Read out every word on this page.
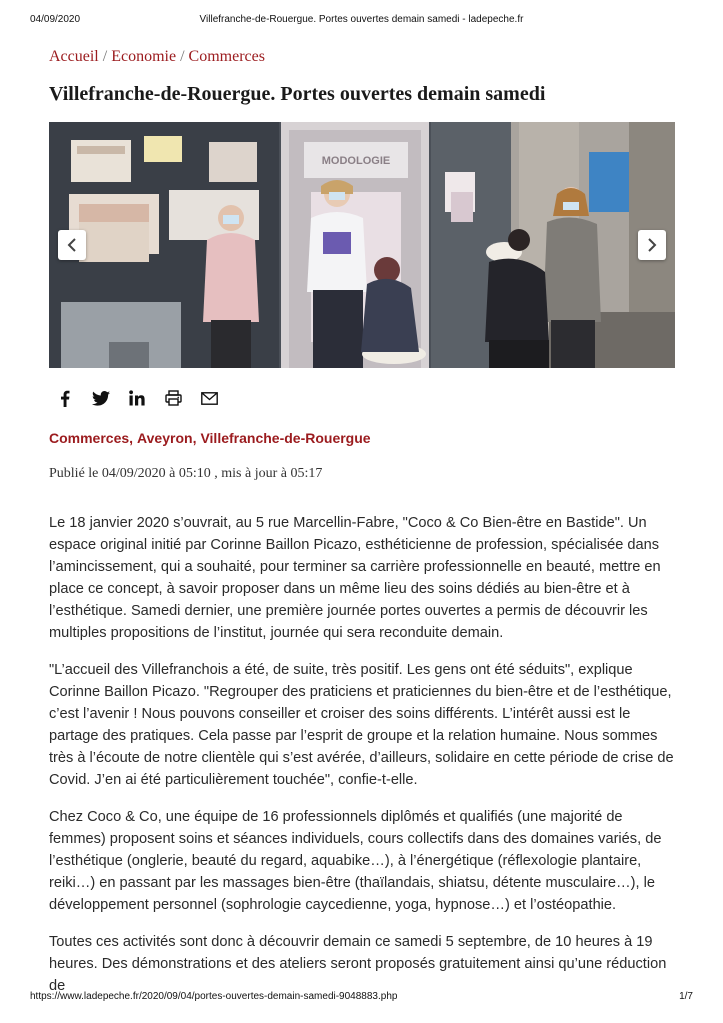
04/09/2020	Villefranche-de-Rouergue. Portes ouvertes demain samedi - ladepeche.fr
Accueil / Economie / Commerces
Villefranche-de-Rouergue. Portes ouvertes demain samedi
MODOLOGIE
Commerces, Aveyron, Villefranche-de-Rouergue
Publié le 04/09/2020 à 05:10 , mis à jour à 05:17

Le 18 janvier 2020 s’ouvrait, au 5 rue Marcellin-Fabre, "Coco & Co Bien-être en Bastide". Un espace original initié par Corinne Baillon Picazo, esthéticienne de profession, spécialisée dans l’amincissement, qui a souhaité, pour terminer sa carrière professionnelle en beauté, mettre en place ce concept, à savoir proposer dans un même lieu des soins dédiés au bien-être et à l’esthétique. Samedi dernier, une première journée portes ouvertes a permis de découvrir les multiples propositions de l’institut, journée qui sera reconduite demain.

"L’accueil des Villefranchois a été, de suite, très positif. Les gens ont été séduits", explique Corinne Baillon Picazo. "Regrouper des praticiens et praticiennes du bien-être et de l’esthétique, c’est l’avenir ! Nous pouvons conseiller et croiser des soins différents. L’intérêt aussi est le partage des pratiques. Cela passe par l’esprit de groupe et la relation humaine. Nous sommes très à l’écoute de notre clientèle qui s’est avérée, d’ailleurs, solidaire en cette période de crise de Covid. J’en ai été particulièrement touchée", confie-t-elle.

Chez Coco & Co, une équipe de 16 professionnels diplômés et qualifiés (une majorité de femmes) proposent soins et séances individuels, cours collectifs dans des domaines variés, de l’esthétique (onglerie, beauté du regard, aquabike…), à l’énergétique (réflexologie plantaire, reiki…) en passant par les massages bien-être (thaïlandais, shiatsu, détente musculaire…), le développement personnel (sophrologie caycedienne, yoga, hypnose…) et l’ostéopathie.

Toutes ces activités sont donc à découvrir demain ce samedi 5 septembre, de 10 heures à 19 heures. Des démonstrations et des ateliers seront proposés gratuitement ainsi qu’une réduction de

https://www.ladepeche.fr/2020/09/04/portes-ouvertes-demain-samedi-9048883.php	1/7
